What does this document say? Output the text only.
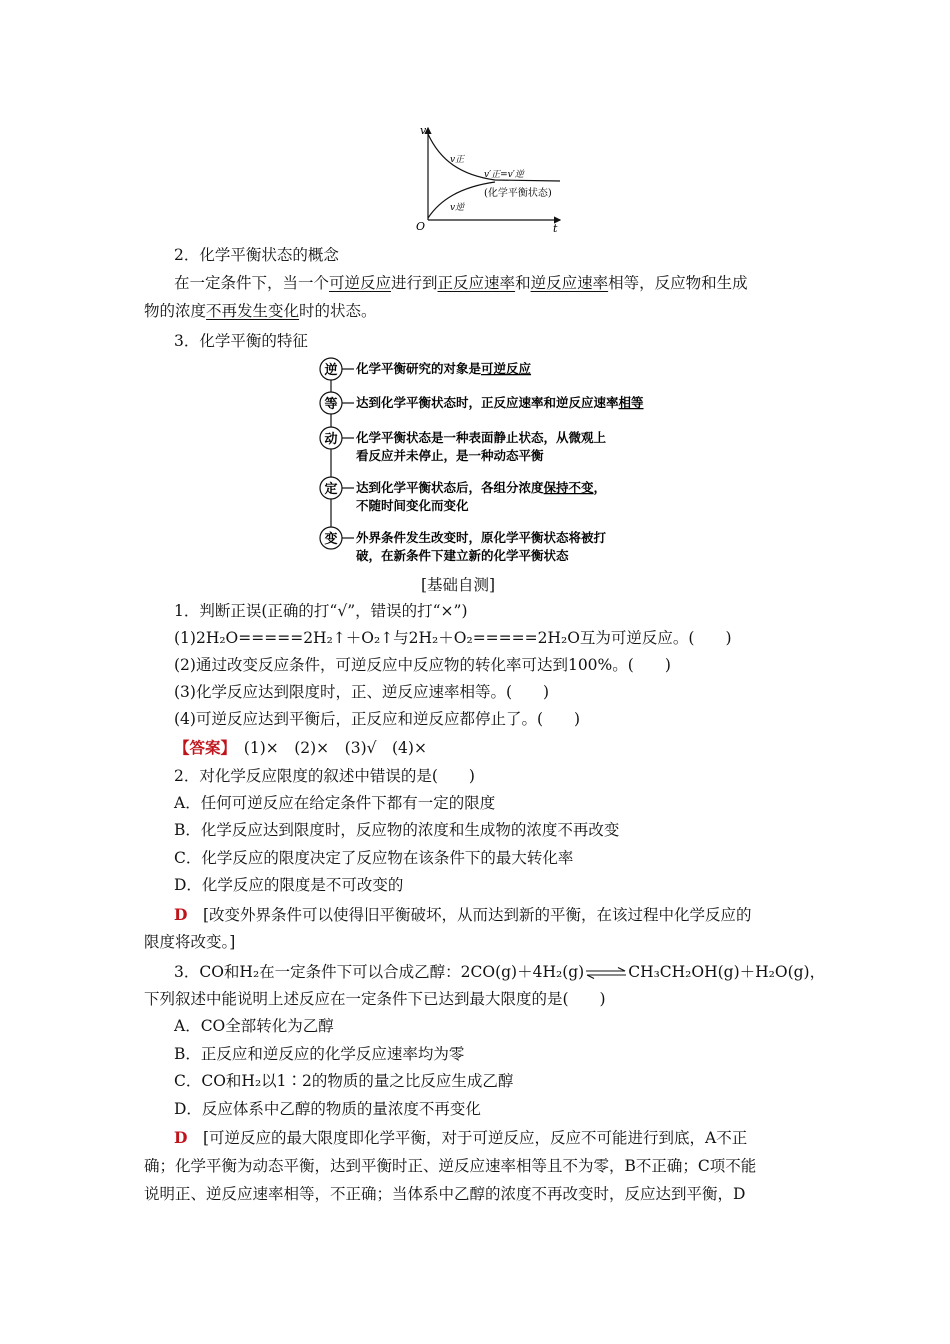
v
t
O
v正
v逆
v′正=v′逆
(化学平衡状态)
2．化学平衡状态的概念
在一定条件下，当一个可逆反应进行到正反应速率和逆反应速率相等，反应物和生成
物的浓度不再发生变化时的状态。
3．化学平衡的特征
逆 化学平衡研究的对象是可逆反应
等 达到化学平衡状态时，正反应速率和逆反应速率相等
动 化学平衡状态是一种表面静止状态，从微观上
看反应并未停止，是一种动态平衡
定 达到化学平衡状态后，各组分浓度保持不变，
不随时间变化而变化
变 外界条件发生改变时，原化学平衡状态将被打
破，在新条件下建立新的化学平衡状态
[基础自测]
1．判断正误(正确的打“√”，错误的打“×”)
(1)2H₂O=====2H₂↑＋O₂↑与2H₂＋O₂=====2H₂O互为可逆反应。(　　)
(2)通过改变反应条件，可逆反应中反应物的转化率可达到100%。(　　)
(3)化学反应达到限度时，正、逆反应速率相等。(　　)
(4)可逆反应达到平衡后，正反应和逆反应都停止了。(　　)
【答案】　 (1)×　(2)×　(3)√　(4)×
2．对化学反应限度的叙述中错误的是(　　)
A．任何可逆反应在给定条件下都有一定的限度
B．化学反应达到限度时，反应物的浓度和生成物的浓度不再改变
C．化学反应的限度决定了反应物在该条件下的最大转化率
D．化学反应的限度是不可改变的
D　[改变外界条件可以使得旧平衡破坏，从而达到新的平衡，在该过程中化学反应的
限度将改变。]
3．CO和H₂在一定条件下可以合成乙醇：2CO(g)＋4H₂(g)⇌CH₃CH₂OH(g)＋H₂O(g)，
下列叙述中能说明上述反应在一定条件下已达到最大限度的是(　　)
A．CO全部转化为乙醇
B．正反应和逆反应的化学反应速率均为零
C．CO和H₂以1∶2的物质的量之比反应生成乙醇
D．反应体系中乙醇的物质的量浓度不再变化
D　[可逆反应的最大限度即化学平衡，对于可逆反应，反应不可能进行到底，A不正
确；化学平衡为动态平衡，达到平衡时正、逆反应速率相等且不为零，B不正确；C项不能
说明正、逆反应速率相等，不正确；当体系中乙醇的浓度不再改变时，反应达到平衡，D
